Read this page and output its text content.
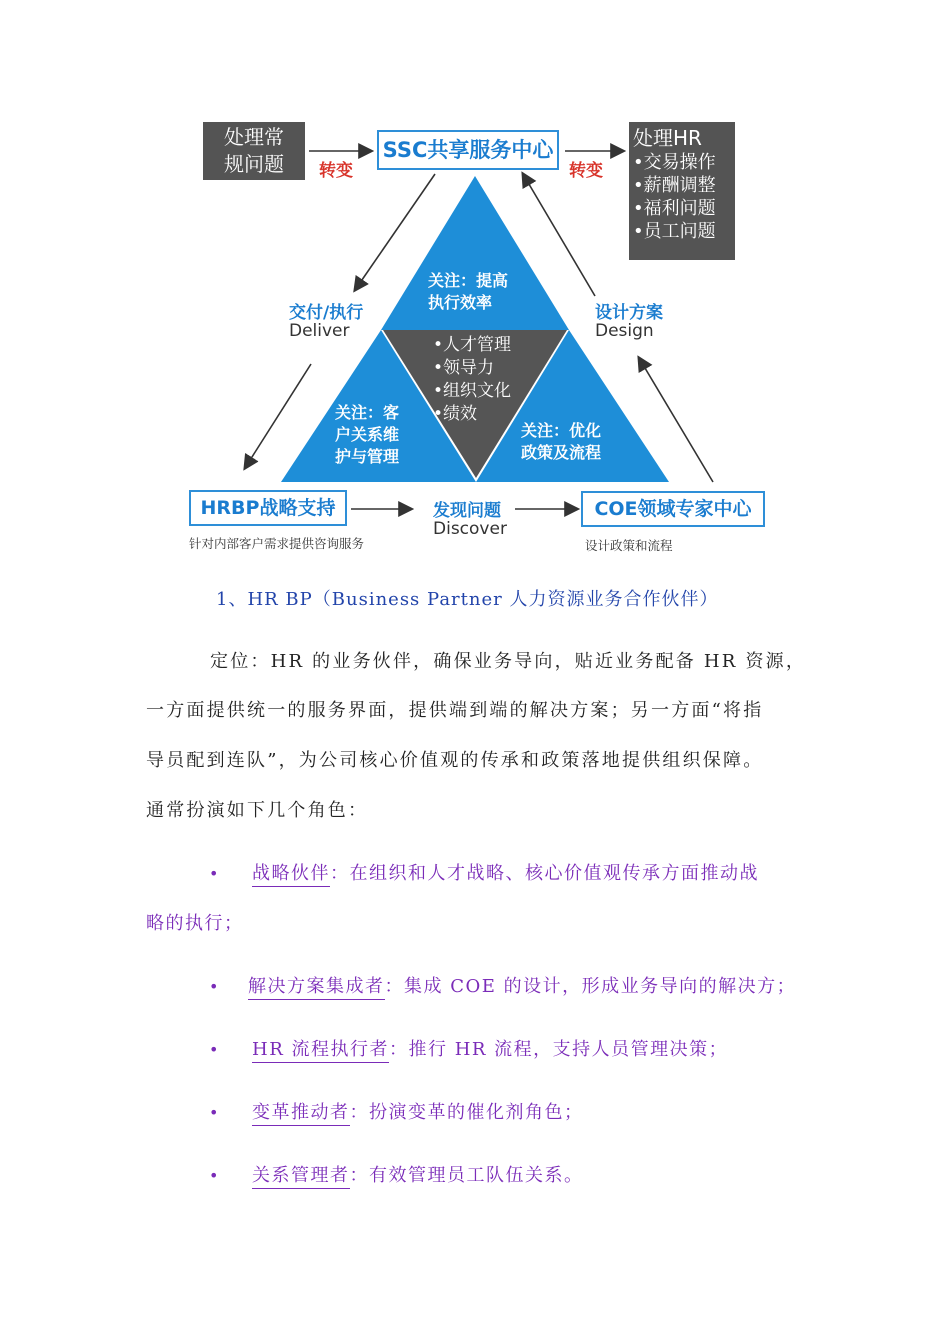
处理常
规问题	转变
SSC共享服务中心
转变
处理HR
•交易操作
•薪酬调整
•福利问题
•员工问题
关注：提高
执行效率
•人才管理
•领导力
•组织文化
•绩效
关注：客
户关系维
护与管理
关注：优化
政策及流程
交付/执行
Deliver
设计方案
Design
HRBP战略支持
针对内部客户需求提供咨询服务
发现问题
Discover
COE领域专家中心
设计政策和流程
1、HR BP（Business Partner 人力资源业务合作伙伴）
定位：HR 的业务伙伴，确保业务导向，贴近业务配备 HR 资源，
一方面提供统一的服务界面，提供端到端的解决方案；另一方面“将指
导员配到连队”，为公司核心价值观的传承和政策落地提供组织保障。
通常扮演如下几个角色：
• 战略伙伴：在组织和人才战略、核心价值观传承方面推动战
略的执行；
• 解决方案集成者：集成 COE 的设计，形成业务导向的解决方；
• HR 流程执行者：推行 HR 流程，支持人员管理决策；
• 变革推动者：扮演变革的催化剂角色；
• 关系管理者：有效管理员工队伍关系。
